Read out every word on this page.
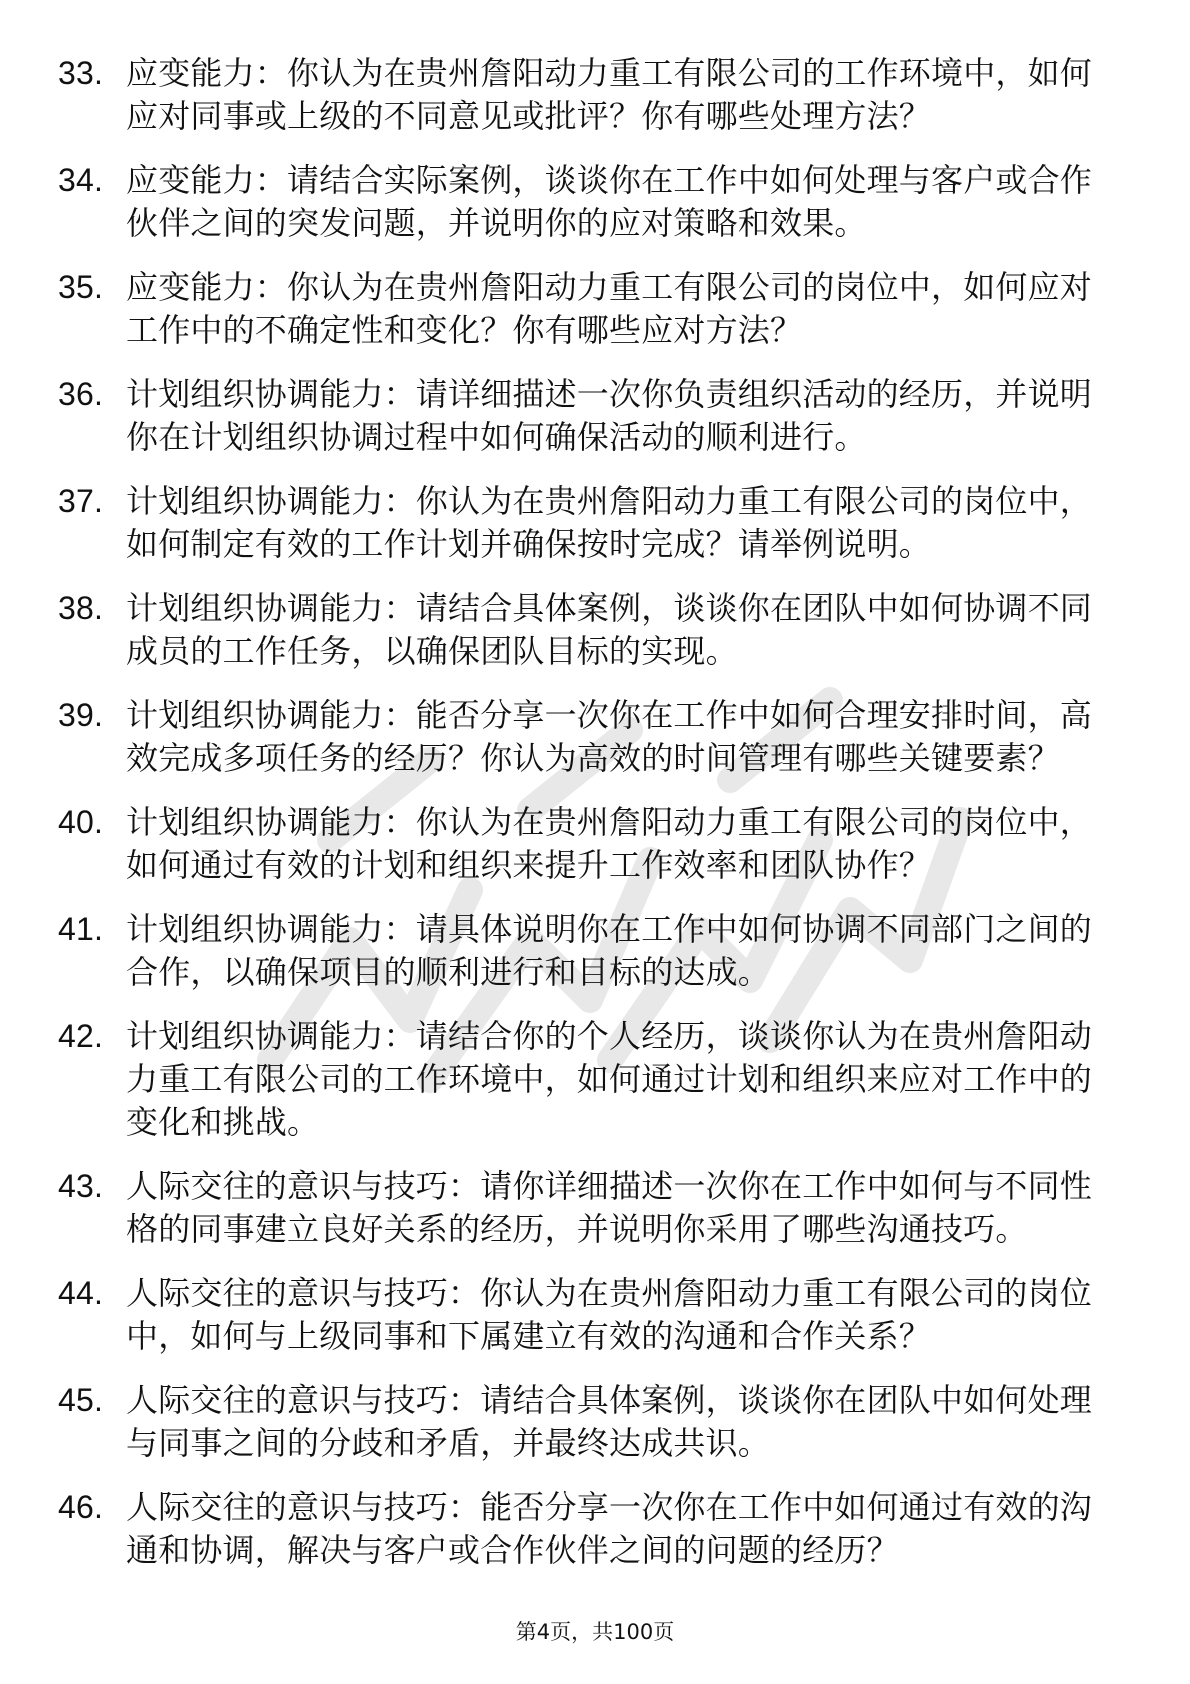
33. 应变能力：你认为在贵州詹阳动力重工有限公司的工作环境中，如何应对同事或上级的不同意见或批评？你有哪些处理方法？
34. 应变能力：请结合实际案例，谈谈你在工作中如何处理与客户或合作伙伴之间的突发问题，并说明你的应对策略和效果。
35. 应变能力：你认为在贵州詹阳动力重工有限公司的岗位中，如何应对工作中的不确定性和变化？你有哪些应对方法？
36. 计划组织协调能力：请详细描述一次你负责组织活动的经历，并说明你在计划组织协调过程中如何确保活动的顺利进行。
37. 计划组织协调能力：你认为在贵州詹阳动力重工有限公司的岗位中，如何制定有效的工作计划并确保按时完成？请举例说明。
38. 计划组织协调能力：请结合具体案例，谈谈你在团队中如何协调不同成员的工作任务，以确保团队目标的实现。
39. 计划组织协调能力：能否分享一次你在工作中如何合理安排时间，高效完成多项任务的经历？你认为高效的时间管理有哪些关键要素？
40. 计划组织协调能力：你认为在贵州詹阳动力重工有限公司的岗位中，如何通过有效的计划和组织来提升工作效率和团队协作？
41. 计划组织协调能力：请具体说明你在工作中如何协调不同部门之间的合作，以确保项目的顺利进行和目标的达成。
42. 计划组织协调能力：请结合你的个人经历，谈谈你认为在贵州詹阳动力重工有限公司的工作环境中，如何通过计划和组织来应对工作中的变化和挑战。
43. 人际交往的意识与技巧：请你详细描述一次你在工作中如何与不同性格的同事建立良好关系的经历，并说明你采用了哪些沟通技巧。
44. 人际交往的意识与技巧：你认为在贵州詹阳动力重工有限公司的岗位中，如何与上级同事和下属建立有效的沟通和合作关系？
45. 人际交往的意识与技巧：请结合具体案例，谈谈你在团队中如何处理与同事之间的分歧和矛盾，并最终达成共识。
46. 人际交往的意识与技巧：能否分享一次你在工作中如何通过有效的沟通和协调，解决与客户或合作伙伴之间的问题的经历？
第4页，共100页
